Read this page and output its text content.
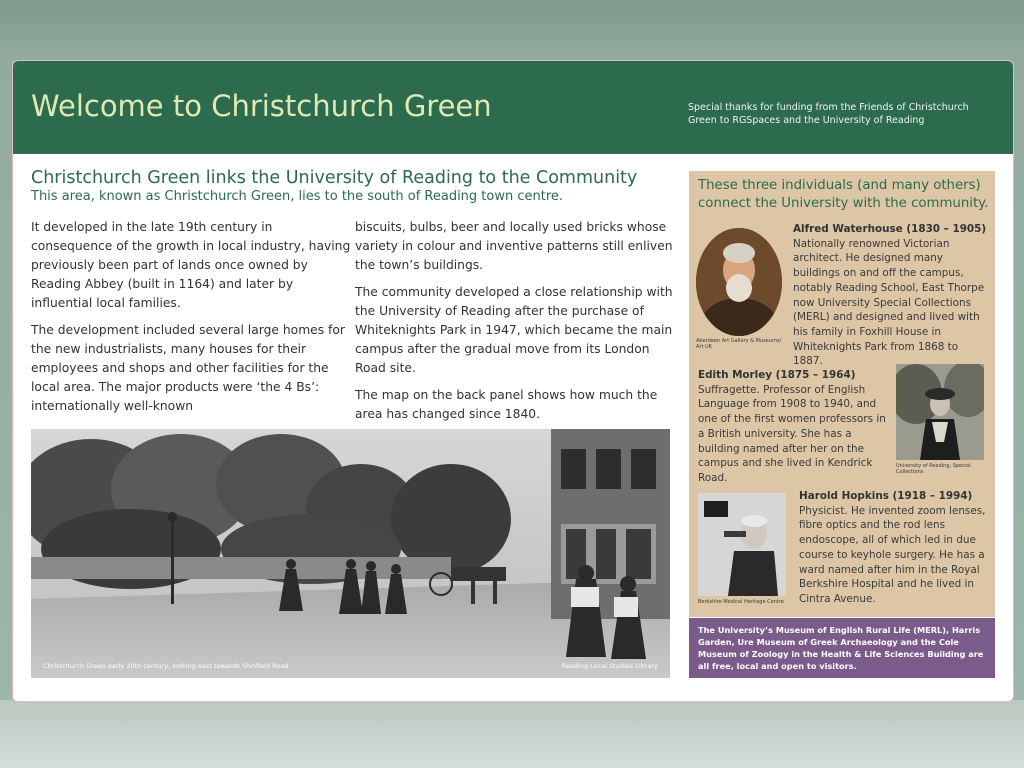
Welcome to Christchurch Green	Special thanks for funding from the Friends of Christchurch Green to RGSpaces and the University of Reading
Christchurch Green links the University of Reading to the Community
This area, known as Christchurch Green, lies to the south of Reading town centre.

It developed in the late 19th century in consequence of the growth in local industry, having previously been part of lands once owned by Reading Abbey (built in 1164) and later by influential local families.

The development included several large homes for the new industrialists, many houses for their employees and shops and other facilities for the local area. The major products were ‘the 4 Bs’: internationally well-known

biscuits, bulbs, beer and locally used bricks whose variety in colour and inventive patterns still enliven the town’s buildings.

The community developed a close relationship with the University of Reading after the purchase of Whiteknights Park in 1947, which became the main campus after the gradual move from its London Road site.

The map on the back panel shows how much the area has changed since 1840.

Christchurch Green early 20th century, looking east towards Shinfield Road.	Reading Local Studies Library
These three individuals (and many others) connect the University with the community.
Aberdeen Art Gallery & Museums/ Art UK
Alfred Waterhouse (1830 – 1905)
Nationally renowned Victorian architect. He designed many buildings on and off the campus, notably Reading School, East Thorpe now University Special Collections (MERL) and designed and lived with his family in Foxhill House in Whiteknights Park from 1868 to 1887.
Edith Morley (1875 – 1964)
Suffragette. Professor of English Language from 1908 to 1940, and one of the first women professors in a British university. She has a building named after her on the campus and she lived in Kendrick Road.
University of Reading, Special Collections
Berkshire Medical Heritage Centre
Harold Hopkins (1918 – 1994)
Physicist. He invented zoom lenses, fibre optics and the rod lens endoscope, all of which led in due course to keyhole surgery. He has a ward named after him in the Royal Berkshire Hospital and he lived in Cintra Avenue.
The University’s Museum of English Rural Life (MERL), Harris Garden, Ure Museum of Greek Archaeology and the Cole Museum of Zoology in the Health & Life Sciences Building are all free, local and open to visitors.
